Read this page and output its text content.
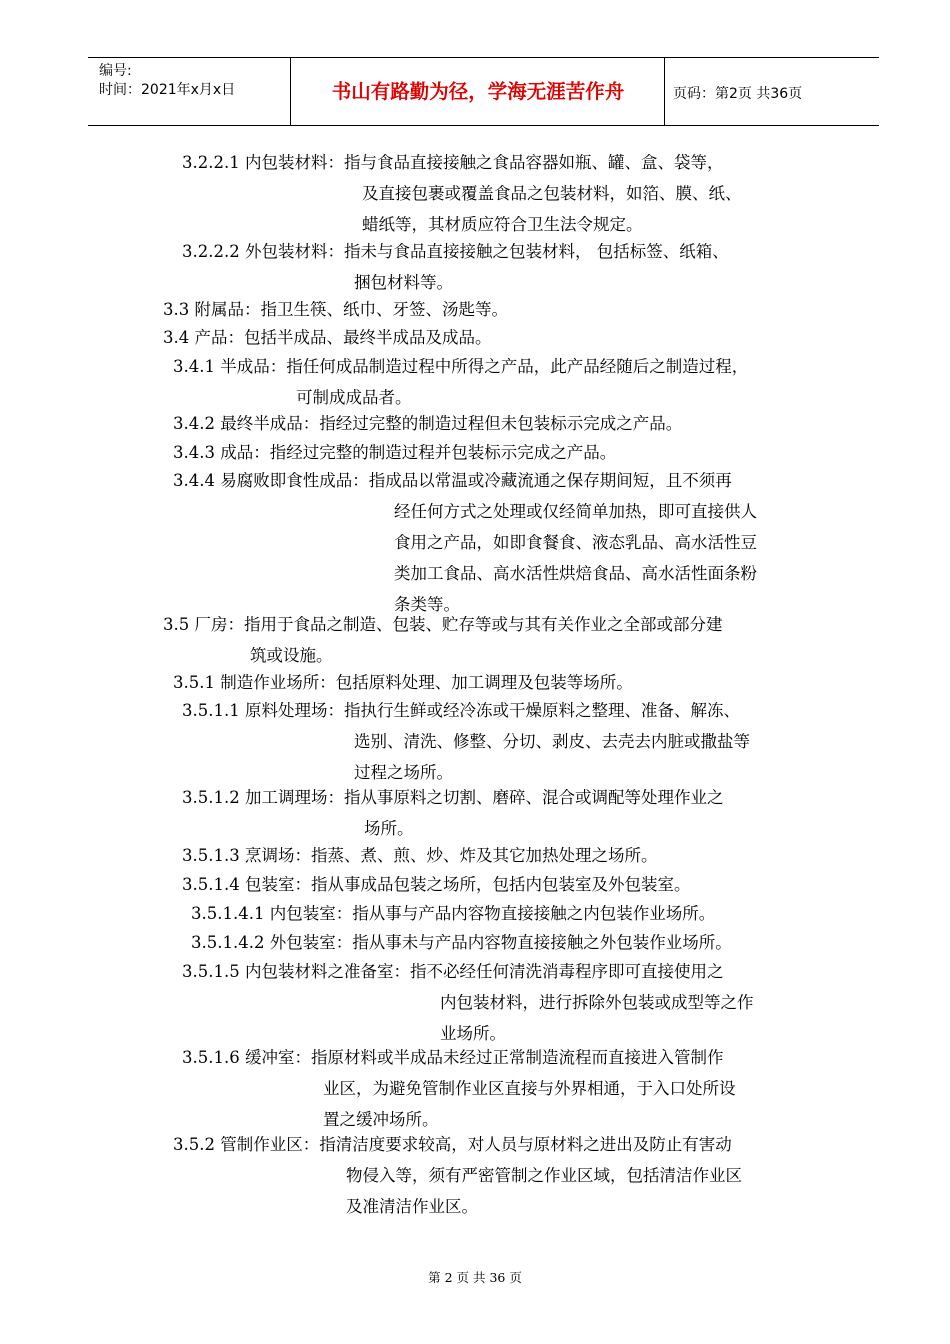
编号:
时间：2021年x月x日	书山有路勤为径，学海无涯苦作舟	页码：第2页 共36页
3.2.2.1 内包装材料：指与食品直接接触之食品容器如瓶、罐、盒、袋等，
及直接包裹或覆盖食品之包装材料，如箔、膜、纸、
蜡纸等，其材质应符合卫生法令规定。
3.2.2.2 外包装材料：指未与食品直接接触之包装材料， 包括标签、纸箱、
捆包材料等。
3.3 附属品：指卫生筷、纸巾、牙签、汤匙等。
3.4 产品：包括半成品、最终半成品及成品。
3.4.1 半成品：指任何成品制造过程中所得之产品，此产品经随后之制造过程，
可制成成品者。
3.4.2 最终半成品：指经过完整的制造过程但未包装标示完成之产品。
3.4.3 成品：指经过完整的制造过程并包装标示完成之产品。
3.4.4 易腐败即食性成品：指成品以常温或冷藏流通之保存期间短，且不须再
经任何方式之处理或仅经简单加热，即可直接供人
食用之产品，如即食餐食、液态乳品、高水活性豆
类加工食品、高水活性烘焙食品、高水活性面条粉
条类等。
3.5 厂房：指用于食品之制造、包装、贮存等或与其有关作业之全部或部分建
筑或设施。
3.5.1 制造作业场所：包括原料处理、加工调理及包装等场所。
3.5.1.1 原料处理场：指执行生鲜或经冷冻或干燥原料之整理、准备、解冻、
选别、清洗、修整、分切、剥皮、去壳去内脏或撒盐等
过程之场所。
3.5.1.2 加工调理场：指从事原料之切割、磨碎、混合或调配等处理作业之
场所。
3.5.1.3 烹调场：指蒸、煮、煎、炒、炸及其它加热处理之场所。
3.5.1.4 包装室：指从事成品包装之场所，包括内包装室及外包装室。
3.5.1.4.1 内包装室：指从事与产品内容物直接接触之内包装作业场所。
3.5.1.4.2 外包装室：指从事未与产品内容物直接接触之外包装作业场所。
3.5.1.5 内包装材料之准备室：指不必经任何清洗消毒程序即可直接使用之
内包装材料，进行拆除外包装或成型等之作
业场所。
3.5.1.6 缓冲室：指原材料或半成品未经过正常制造流程而直接进入管制作
业区，为避免管制作业区直接与外界相通，于入口处所设
置之缓冲场所。
3.5.2 管制作业区：指清洁度要求较高，对人员与原材料之进出及防止有害动
物侵入等，须有严密管制之作业区域，包括清洁作业区
及准清洁作业区。
第 2 页 共 36 页
